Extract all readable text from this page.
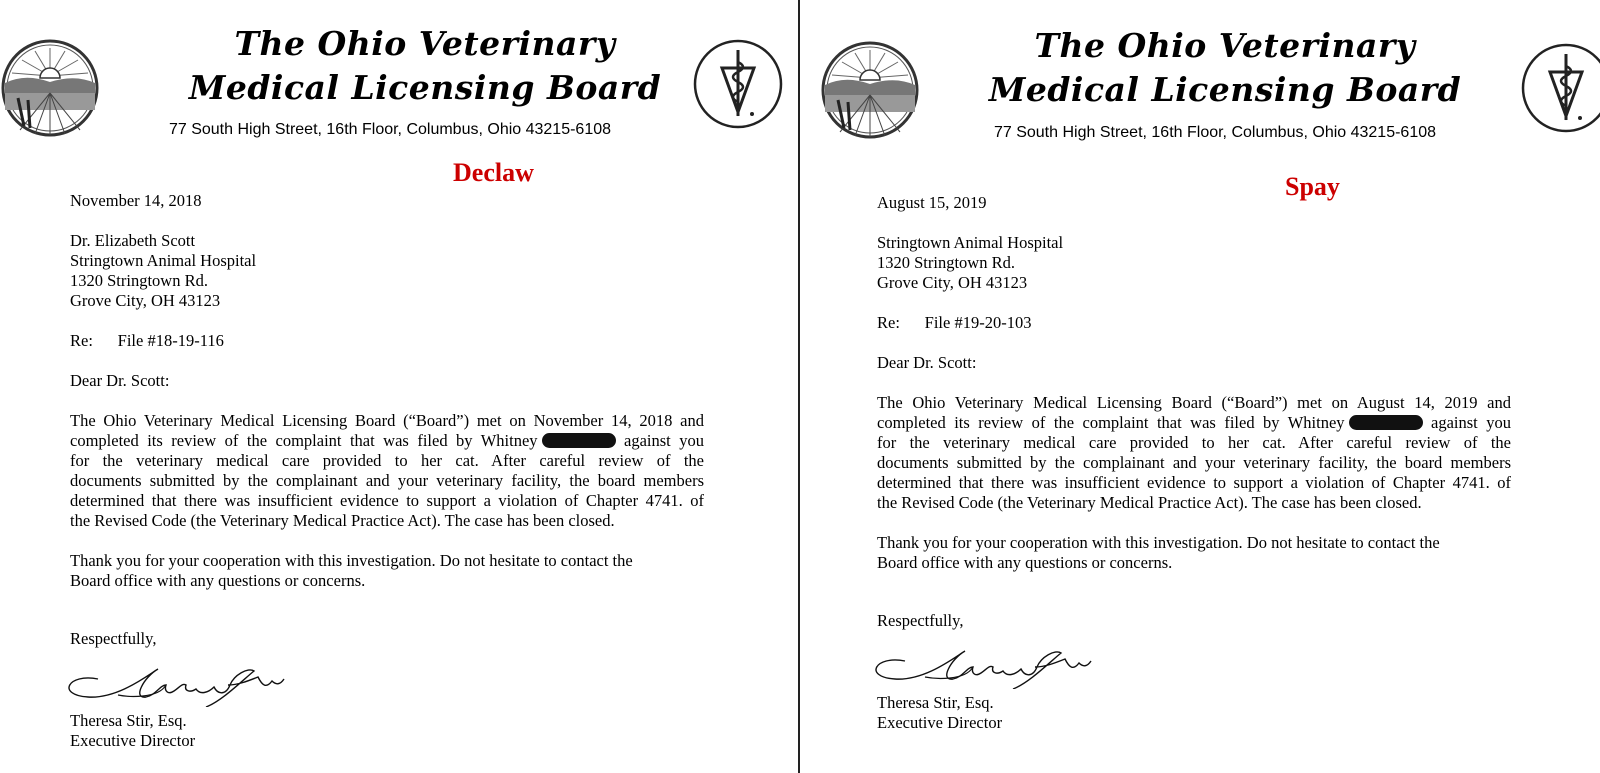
The Ohio Veterinary
Medical Licensing Board
77 South High Street, 16th Floor, Columbus, Ohio 43215-6108
Declaw
November 14, 2018
Dr. Elizabeth Scott
Stringtown Animal Hospital
1320 Stringtown Rd.
Grove City, OH 43123
Re: File #18-19-116
Dear Dr. Scott:
The Ohio Veterinary Medical Licensing Board (“Board”) met on November 14, 2018 and
completed its review of the complaint that was filed by Whitney	against you
for the veterinary medical care provided to her cat. After careful review of the
documents submitted by the complainant and your veterinary facility, the board members
determined that there was insufficient evidence to support a violation of Chapter 4741. of
the Revised Code (the Veterinary Medical Practice Act). The case has been closed.
Thank you for your cooperation with this investigation. Do not hesitate to contact the
Board office with any questions or concerns.
Respectfully,
Theresa Stir, Esq.
Executive Director
The Ohio Veterinary
Medical Licensing Board
77 South High Street, 16th Floor, Columbus, Ohio 43215-6108
Spay
August 15, 2019
Stringtown Animal Hospital
1320 Stringtown Rd.
Grove City, OH 43123
Re: File #19-20-103
Dear Dr. Scott:
The Ohio Veterinary Medical Licensing Board (“Board”) met on August 14, 2019 and
completed its review of the complaint that was filed by Whitney	against you
for the veterinary medical care provided to her cat. After careful review of the
documents submitted by the complainant and your veterinary facility, the board members
determined that there was insufficient evidence to support a violation of Chapter 4741. of
the Revised Code (the Veterinary Medical Practice Act). The case has been closed.
Thank you for your cooperation with this investigation. Do not hesitate to contact the
Board office with any questions or concerns.
Respectfully,
Theresa Stir, Esq.
Executive Director
